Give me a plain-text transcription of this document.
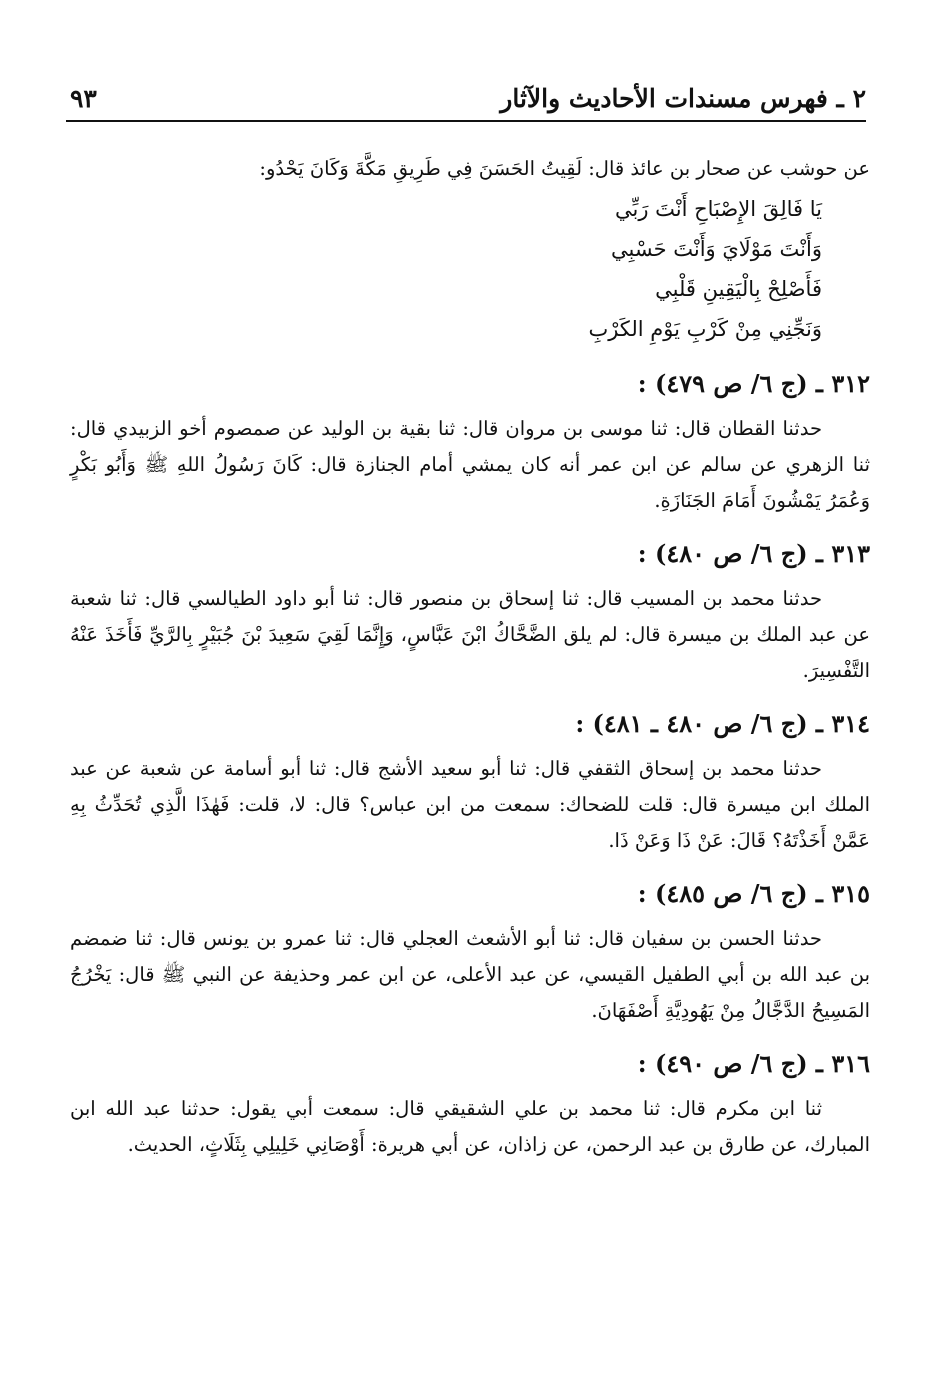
٢ ـ فهرس مسندات الأحاديث والآثار
٩٣

عن حوشب عن صحار بن عائذ قال: لَقِيتُ الحَسَنَ فِي طَرِيقِ مَكَّةَ وَكَانَ يَحْدُو:

يَا فَالِقَ الإِصْبَاحِ أَنْتَ رَبِّي

وَأَنْتَ مَوْلَايَ وَأَنْتَ حَسْبِي

فَأَصْلِحْ بِالْيَقِينِ قَلْبِي

وَنَجِّنِي مِنْ كَرْبِ يَوْمِ الكَرْبِ

٣١٢ ـ (ج ٦/ ص ٤٧٩) :

حدثنا القطان قال: ثنا موسى بن مروان قال: ثنا بقية بن الوليد عن صمصوم أخو الزبيدي قال: ثنا الزهري عن سالم عن ابن عمر أنه كان يمشي أمام الجنازة قال: كَانَ رَسُولُ اللهِ ﷺ وَأَبُو بَكْرٍ وَعُمَرُ يَمْشُونَ أَمَامَ الجَنَازَةِ.

٣١٣ ـ (ج ٦/ ص ٤٨٠) :

حدثنا محمد بن المسيب قال: ثنا إسحاق بن منصور قال: ثنا أبو داود الطيالسي قال: ثنا شعبة عن عبد الملك بن ميسرة قال: لم يلق الضَّحَّاكُ ابْنَ عَبَّاسٍ، وَإِنَّمَا لَقِيَ سَعِيدَ بْنَ جُبَيْرٍ بِالرَّيِّ فَأَخَذَ عَنْهُ التَّفْسِيرَ.

٣١٤ ـ (ج ٦/ ص ٤٨٠ ـ ٤٨١) :

حدثنا محمد بن إسحاق الثقفي قال: ثنا أبو سعيد الأشج قال: ثنا أبو أسامة عن شعبة عن عبد الملك ابن ميسرة قال: قلت للضحاك: سمعت من ابن عباس؟ قال: لا، قلت: فَهٰذَا الَّذِي تُحَدِّثُ بِهِ عَمَّنْ أَخَذْتَهُ؟ قَالَ: عَنْ ذَا وَعَنْ ذَا.

٣١٥ ـ (ج ٦/ ص ٤٨٥) :

حدثنا الحسن بن سفيان قال: ثنا أبو الأشعث العجلي قال: ثنا عمرو بن يونس قال: ثنا ضمضم بن عبد الله بن أبي الطفيل القيسي، عن عبد الأعلى، عن ابن عمر وحذيفة عن النبي ﷺ قال: يَخْرُجُ المَسِيحُ الدَّجَّالُ مِنْ يَهُودِيَّةِ أَصْفَهَانَ.

٣١٦ ـ (ج ٦/ ص ٤٩٠) :

ثنا ابن مكرم قال: ثنا محمد بن علي الشقيقي قال: سمعت أبي يقول: حدثنا عبد الله ابن المبارك، عن طارق بن عبد الرحمن، عن زاذان، عن أبي هريرة: أَوْصَانِي خَلِيلِي بِثَلَاثٍ، الحديث.
